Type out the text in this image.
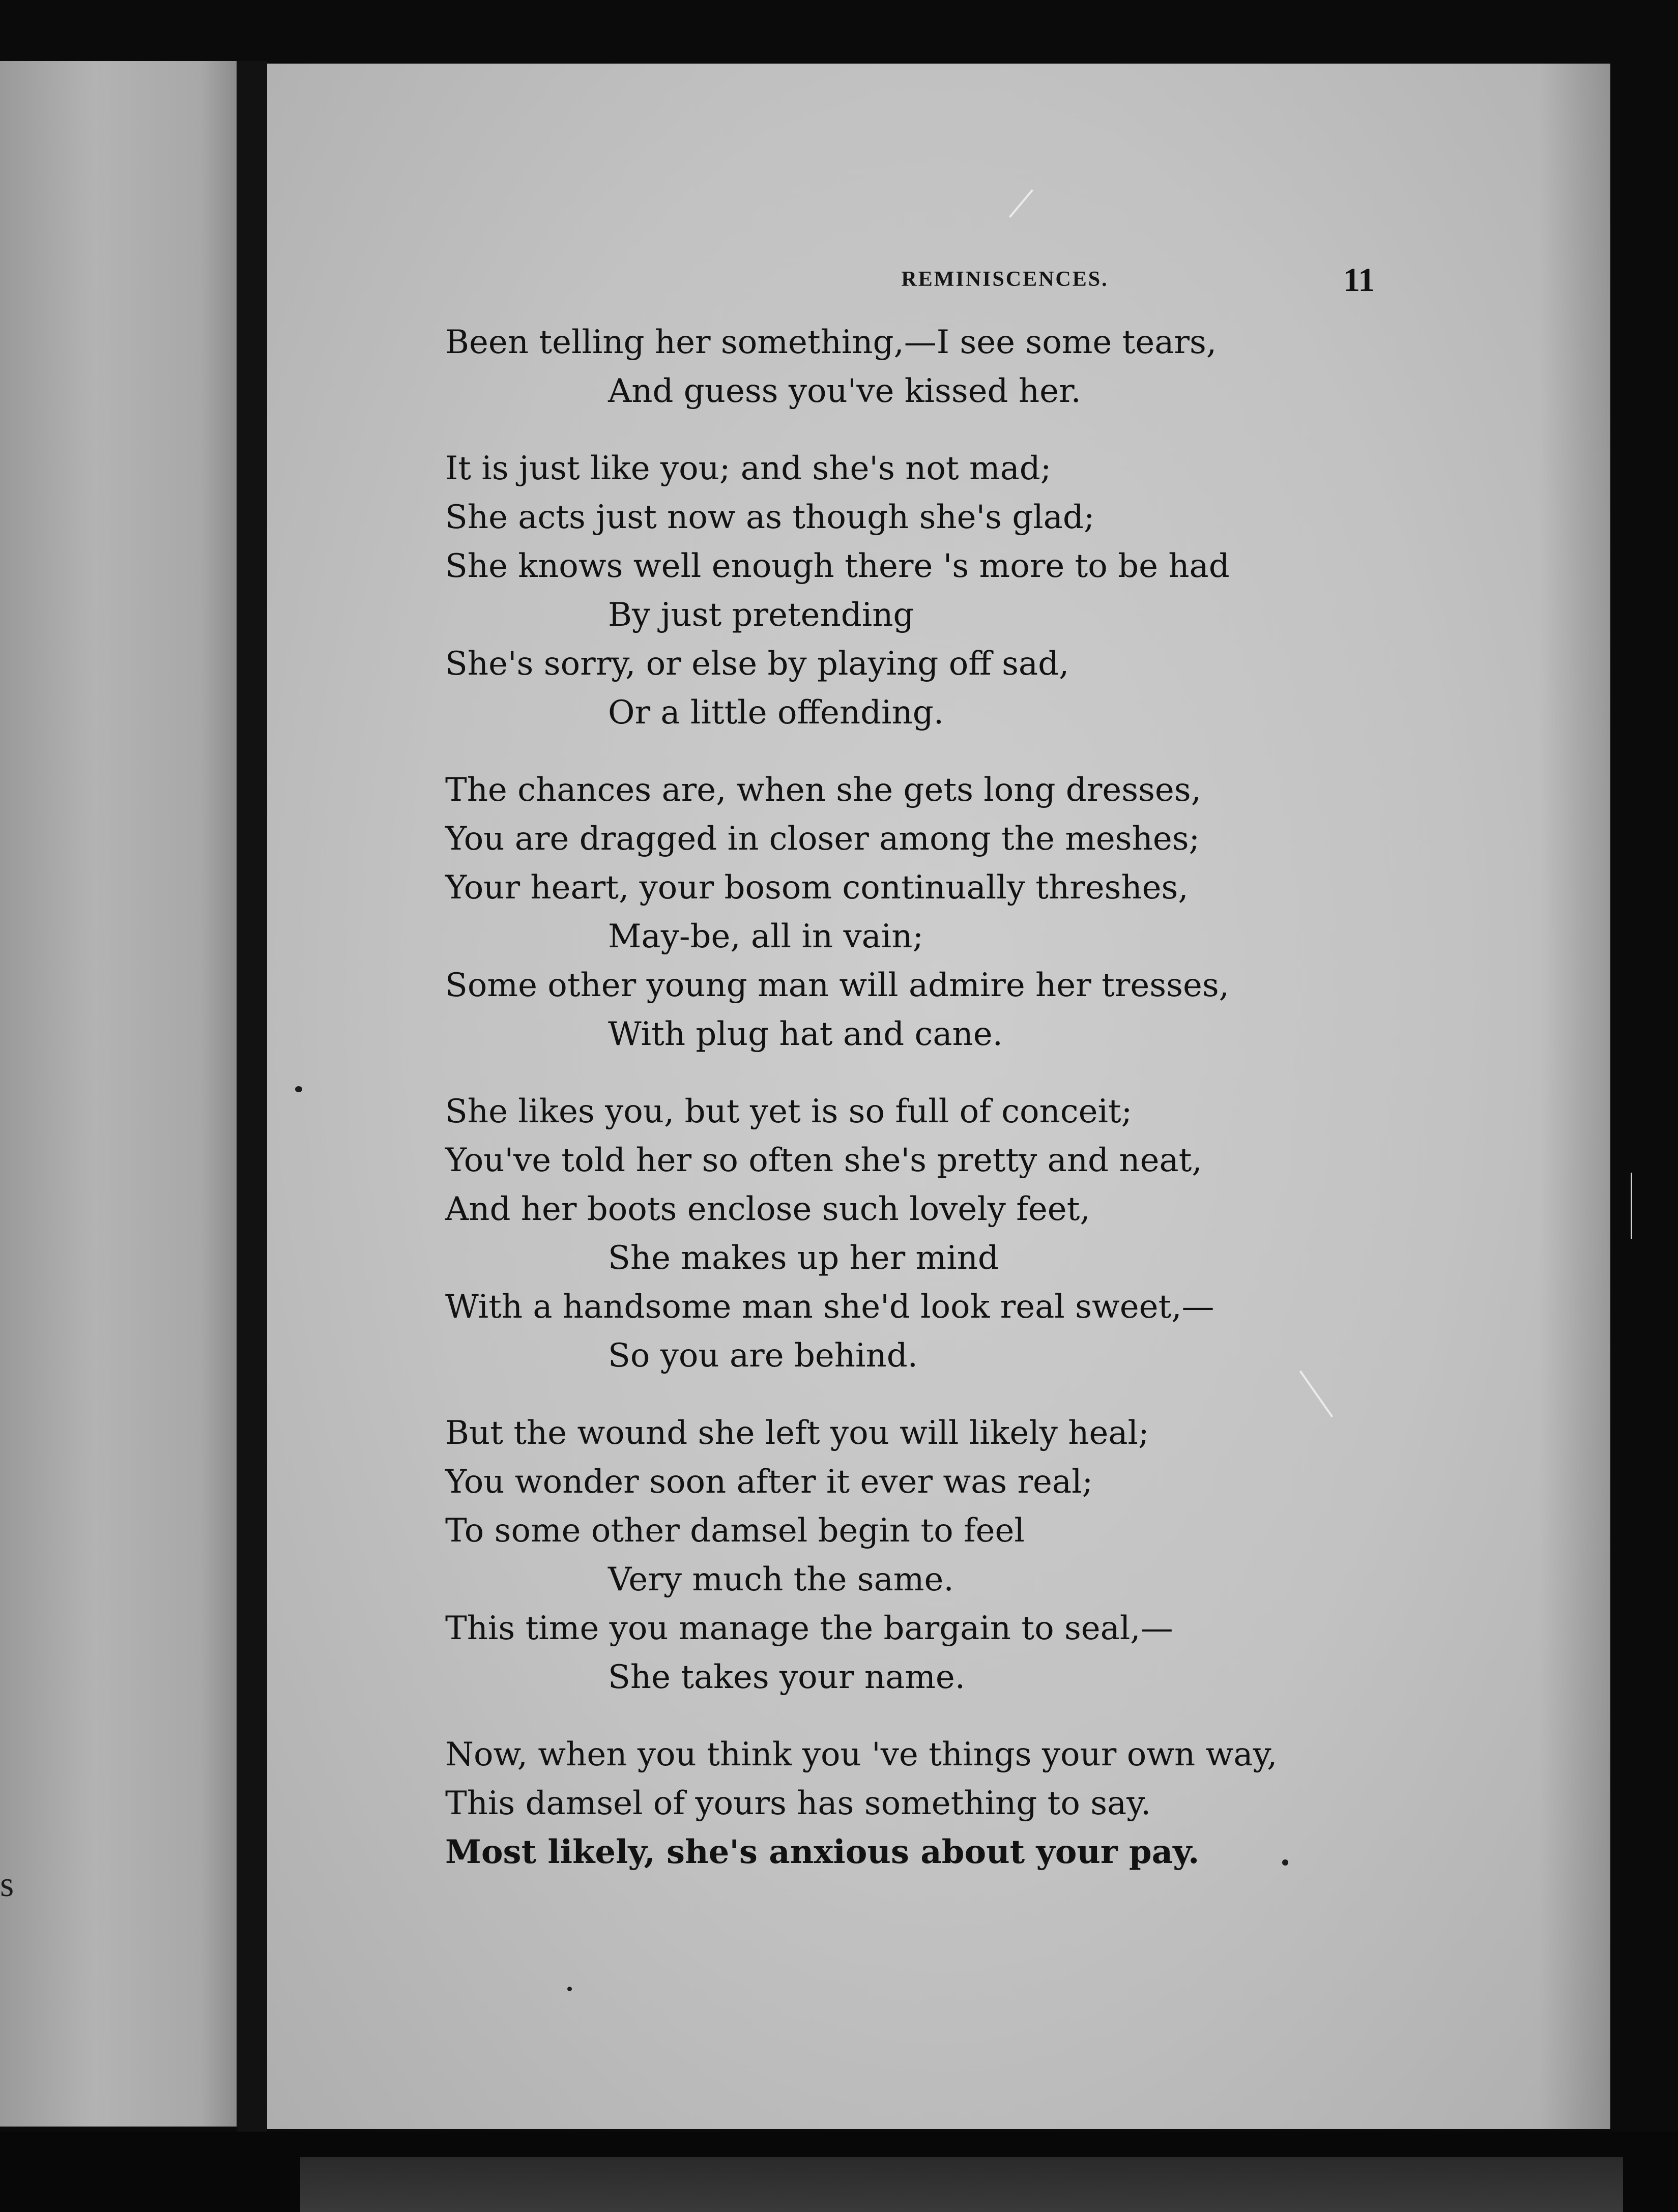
s
REMINISCENCES.	11
Been telling her something,—I see some tears,
And guess you've kissed her.
It is just like you; and she's not mad;
She acts just now as though she's glad;
She knows well enough there 's more to be had
By just pretending
She's sorry, or else by playing off sad,
Or a little offending.
The chances are, when she gets long dresses,
You are dragged in closer among the meshes;
Your heart, your bosom continually threshes,
May-be, all in vain;
Some other young man will admire her tresses,
With plug hat and cane.
She likes you, but yet is so full of conceit;
You've told her so often she's pretty and neat,
And her boots enclose such lovely feet,
She makes up her mind
With a handsome man she'd look real sweet,—
So you are behind.
But the wound she left you will likely heal;
You wonder soon after it ever was real;
To some other damsel begin to feel
Very much the same.
This time you manage the bargain to seal,—
She takes your name.
Now, when you think you 've things your own way,
This damsel of yours has something to say.
Most likely, she's anxious about your pay.
